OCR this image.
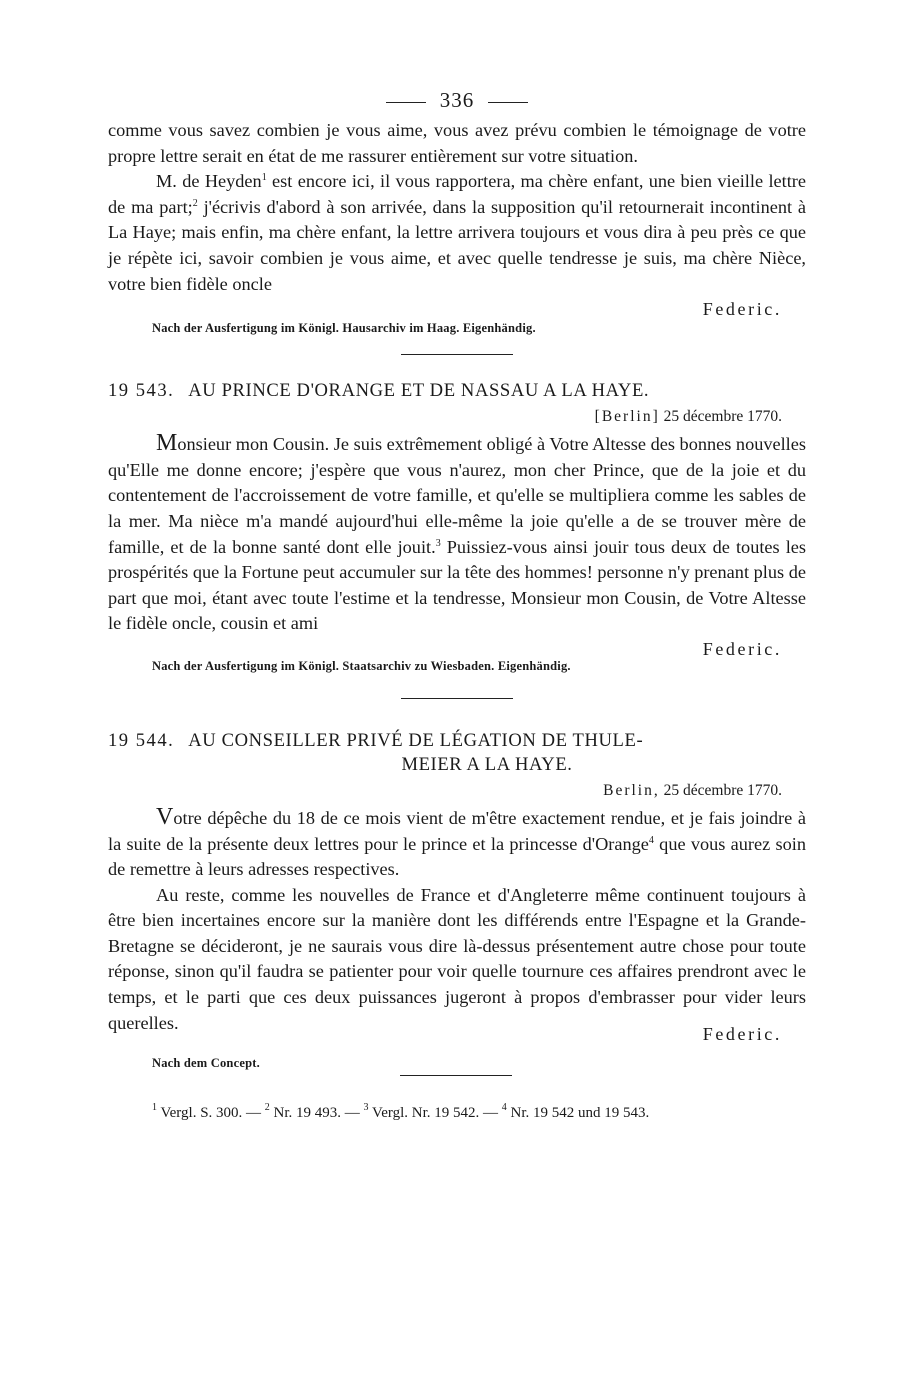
336

comme vous savez combien je vous aime, vous avez prévu combien le témoignage de votre propre lettre serait en état de me rassurer entièrement sur votre situation.

M. de Heyden$^1$ est encore ici, il vous rapportera, ma chère enfant, une bien vieille lettre de ma part;$^2$ j'écrivis d'abord à son arrivée, dans la supposition qu'il retournerait incontinent à La Haye; mais enfin, ma chère enfant, la lettre arrivera toujours et vous dira à peu près ce que je répète ici, savoir combien je vous aime, et avec quelle tendresse je suis, ma chère Nièce, votre bien fidèle oncle

Federic.
Nach der Ausfertigung im Königl. Hausarchiv im Haag. Eigenhändig.
19 543. AU PRINCE D'ORANGE ET DE NASSAU A LA HAYE.
[Berlin] 25 décembre 1770.

Monsieur mon Cousin. Je suis extrêmement obligé à Votre Altesse des bonnes nouvelles qu'Elle me donne encore; j'espère que vous n'aurez, mon cher Prince, que de la joie et du contentement de l'accroissement de votre famille, et qu'elle se multipliera comme les sables de la mer. Ma nièce m'a mandé aujourd'hui elle-même la joie qu'elle a de se trouver mère de famille, et de la bonne santé dont elle jouit.$^3$ Puissiez-vous ainsi jouir tous deux de toutes les prospérités que la Fortune peut accumuler sur la tête des hommes! personne n'y prenant plus de part que moi, étant avec toute l'estime et la tendresse, Monsieur mon Cousin, de Votre Altesse le fidèle oncle, cousin et ami

Federic.
Nach der Ausfertigung im Königl. Staatsarchiv zu Wiesbaden. Eigenhändig.
19 544. AU CONSEILLER PRIVÉ DE LÉGATION DE THULE-
MEIER A LA HAYE.
Berlin, 25 décembre 1770.

Votre dépêche du 18 de ce mois vient de m'être exactement rendue, et je fais joindre à la suite de la présente deux lettres pour le prince et la princesse d'Orange$^4$ que vous aurez soin de remettre à leurs adresses respectives.

Au reste, comme les nouvelles de France et d'Angleterre même continuent toujours à être bien incertaines encore sur la manière dont les différends entre l'Espagne et la Grande-Bretagne se décideront, je ne saurais vous dire là-dessus présentement autre chose pour toute réponse, sinon qu'il faudra se patienter pour voir quelle tournure ces affaires prendront avec le temps, et le parti que ces deux puissances jugeront à propos d'embrasser pour vider leurs querelles.

Federic.
Nach dem Concept.
$^1$ Vergl. S. 300. — $^2$ Nr. 19 493. — $^3$ Vergl. Nr. 19 542. — $^4$ Nr. 19 542 und 19 543.
